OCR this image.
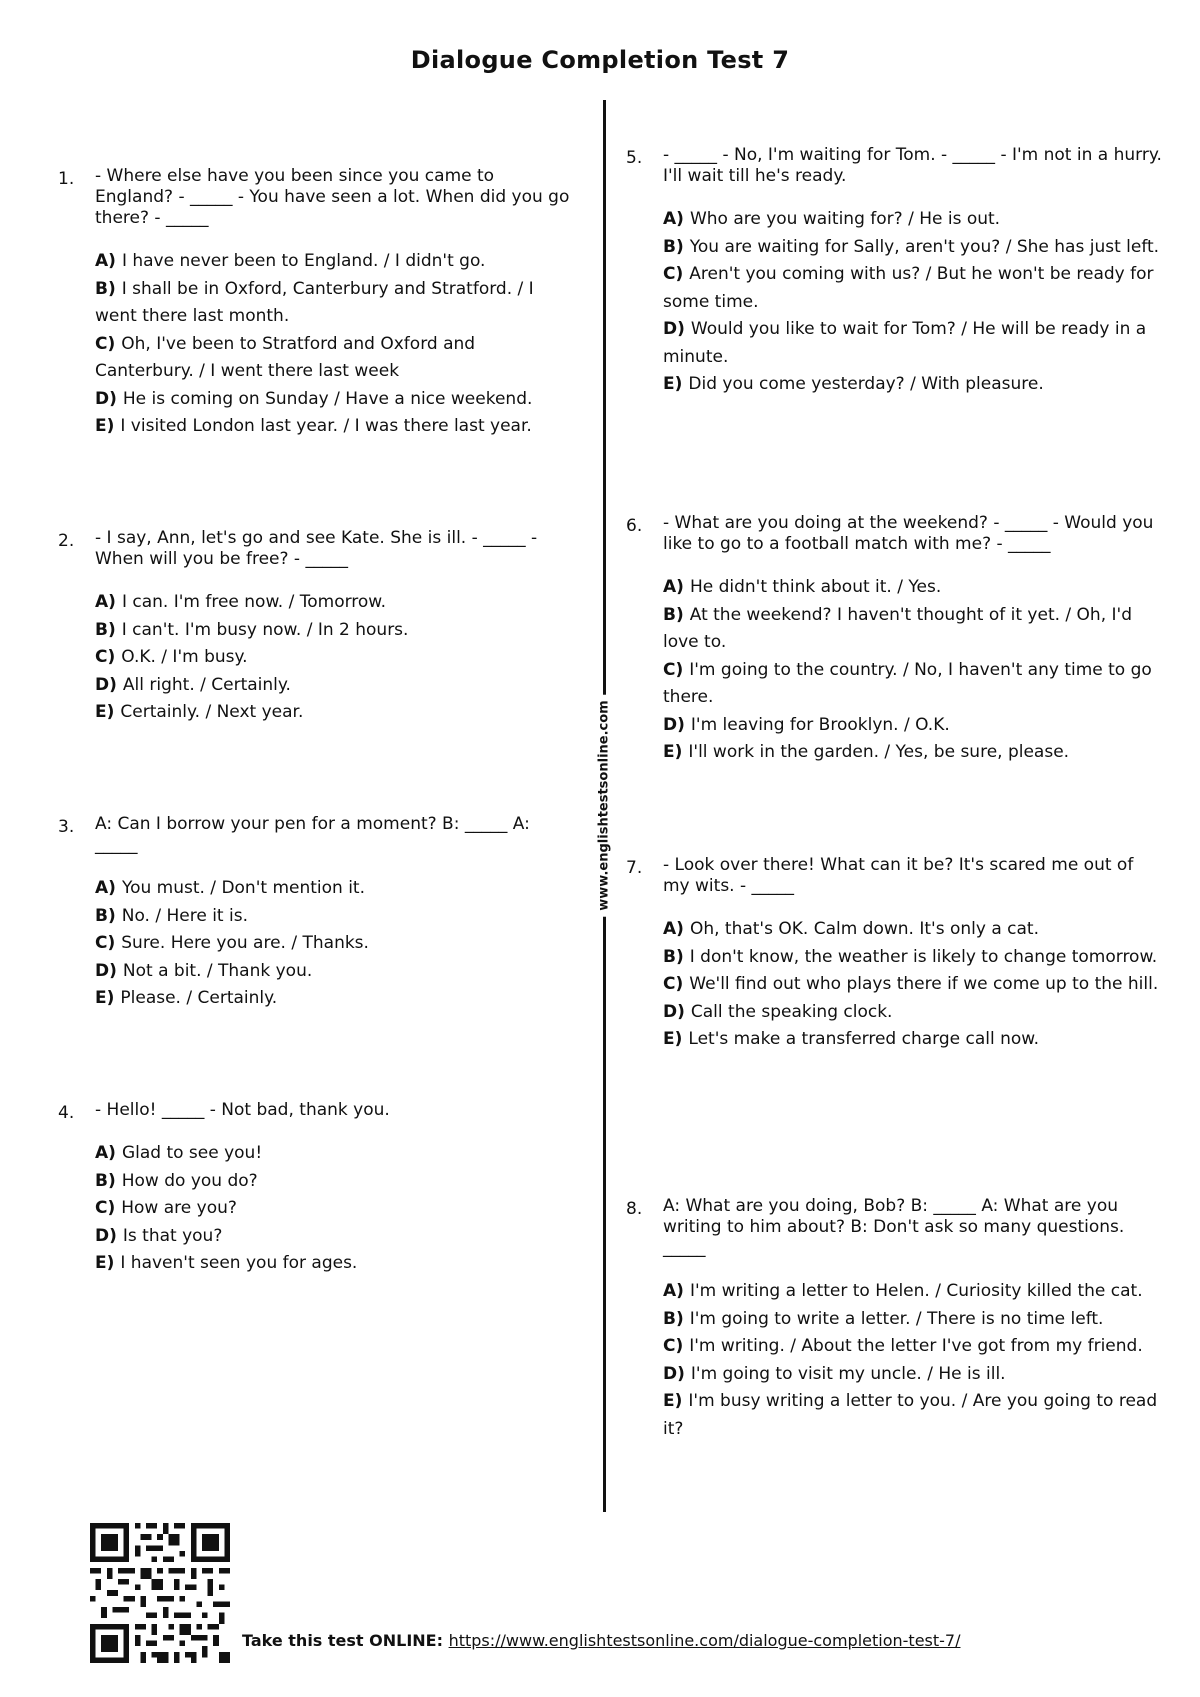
Dialogue Completion Test 7
www.englishtestsonline.com
1. - Where else have you been since you came to England? - _____ - You have seen a lot. When did you go there? - _____
A) I have never been to England. / I didn't go.
B) I shall be in Oxford, Canterbury and Stratford. / I went there last month.
C) Oh, I've been to Stratford and Oxford and Canterbury. / I went there last week
D) He is coming on Sunday / Have a nice weekend.
E) I visited London last year. / I was there last year.
2. - I say, Ann, let's go and see Kate. She is ill. - _____ - When will you be free? - _____
A) I can. I'm free now. / Tomorrow.
B) I can't. I'm busy now. / In 2 hours.
C) O.K. / I'm busy.
D) All right. / Certainly.
E) Certainly. / Next year.
3. A: Can I borrow your pen for a moment? B: _____ A: _____
A) You must. / Don't mention it.
B) No. / Here it is.
C) Sure. Here you are. / Thanks.
D) Not a bit. / Thank you.
E) Please. / Certainly.
4. - Hello! _____ - Not bad, thank you.
A) Glad to see you!
B) How do you do?
C) How are you?
D) Is that you?
E) I haven't seen you for ages.
5. - _____ - No, I'm waiting for Tom. - _____ - I'm not in a hurry. I'll wait till he's ready.
A) Who are you waiting for? / He is out.
B) You are waiting for Sally, aren't you? / She has just left.
C) Aren't you coming with us? / But he won't be ready for some time.
D) Would you like to wait for Tom? / He will be ready in a minute.
E) Did you come yesterday? / With pleasure.
6. - What are you doing at the weekend? - _____ - Would you like to go to a football match with me? - _____
A) He didn't think about it. / Yes.
B) At the weekend? I haven't thought of it yet. / Oh, I'd love to.
C) I'm going to the country. / No, I haven't any time to go there.
D) I'm leaving for Brooklyn. / O.K.
E) I'll work in the garden. / Yes, be sure, please.
7. - Look over there! What can it be? It's scared me out of my wits. - _____
A) Oh, that's OK. Calm down. It's only a cat.
B) I don't know, the weather is likely to change tomorrow.
C) We'll find out who plays there if we come up to the hill.
D) Call the speaking clock.
E) Let's make a transferred charge call now.
8. A: What are you doing, Bob? B: _____ A: What are you writing to him about? B: Don't ask so many questions. _____
A) I'm writing a letter to Helen. / Curiosity killed the cat.
B) I'm going to write a letter. / There is no time left.
C) I'm writing. / About the letter I've got from my friend.
D) I'm going to visit my uncle. / He is ill.
E) I'm busy writing a letter to you. / Are you going to read it?
Take this test ONLINE: https://www.englishtestsonline.com/dialogue-completion-test-7/
